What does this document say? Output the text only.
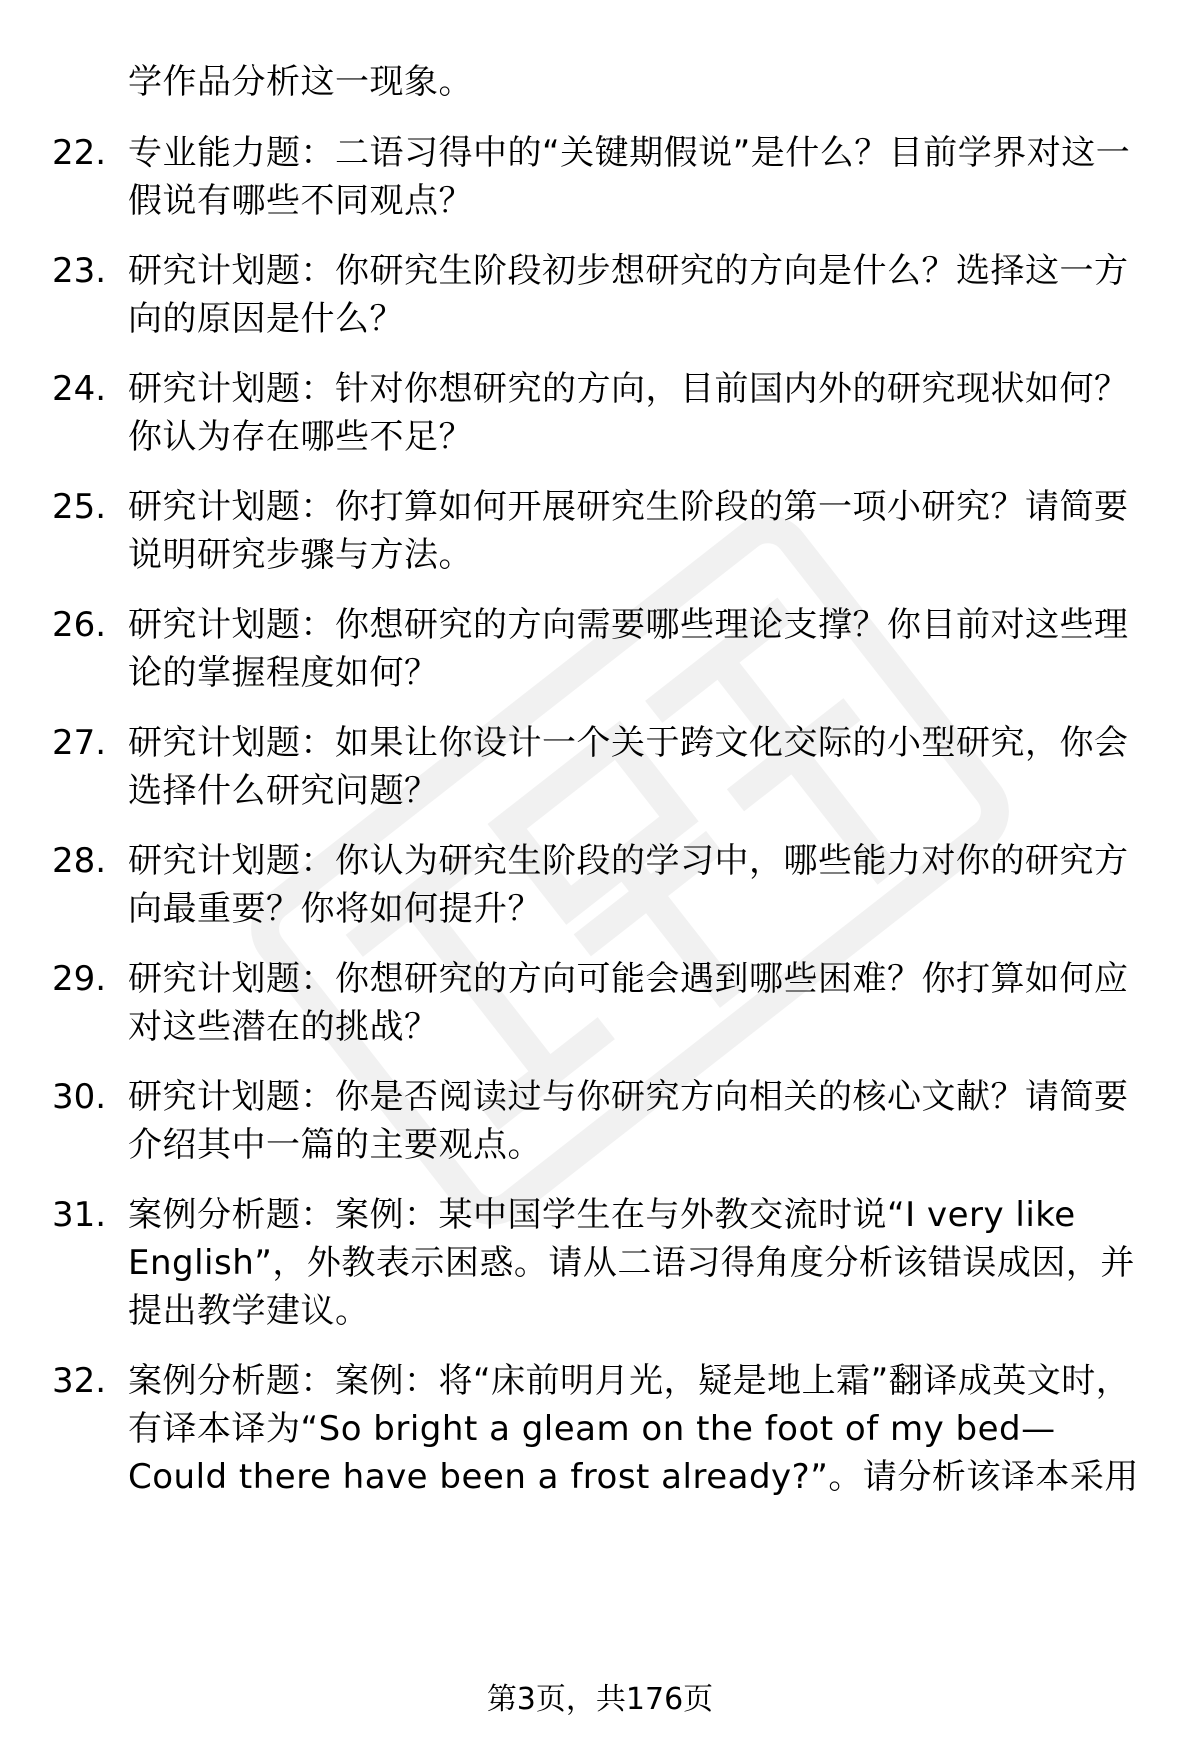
学作品分析这一现象。
22. 专业能力题：二语习得中的“关键期假说”是什么？目前学界对这一假说有哪些不同观点？
23. 研究计划题：你研究生阶段初步想研究的方向是什么？选择这一方向的原因是什么？
24. 研究计划题：针对你想研究的方向，目前国内外的研究现状如何？你认为存在哪些不足？
25. 研究计划题：你打算如何开展研究生阶段的第一项小研究？请简要说明研究步骤与方法。
26. 研究计划题：你想研究的方向需要哪些理论支撑？你目前对这些理论的掌握程度如何？
27. 研究计划题：如果让你设计一个关于跨文化交际的小型研究，你会选择什么研究问题？
28. 研究计划题：你认为研究生阶段的学习中，哪些能力对你的研究方向最重要？你将如何提升？
29. 研究计划题：你想研究的方向可能会遇到哪些困难？你打算如何应对这些潜在的挑战？
30. 研究计划题：你是否阅读过与你研究方向相关的核心文献？请简要介绍其中一篇的主要观点。
31. 案例分析题：案例：某中国学生在与外教交流时说“I very like English”，外教表示困惑。请从二语习得角度分析该错误成因，并提出教学建议。
32. 案例分析题：案例：将“床前明月光，疑是地上霜”翻译成英文时，有译本译为“So bright a gleam on the foot of my bed—Could there have been a frost already?”。请分析该译本采用
第3页，共176页
